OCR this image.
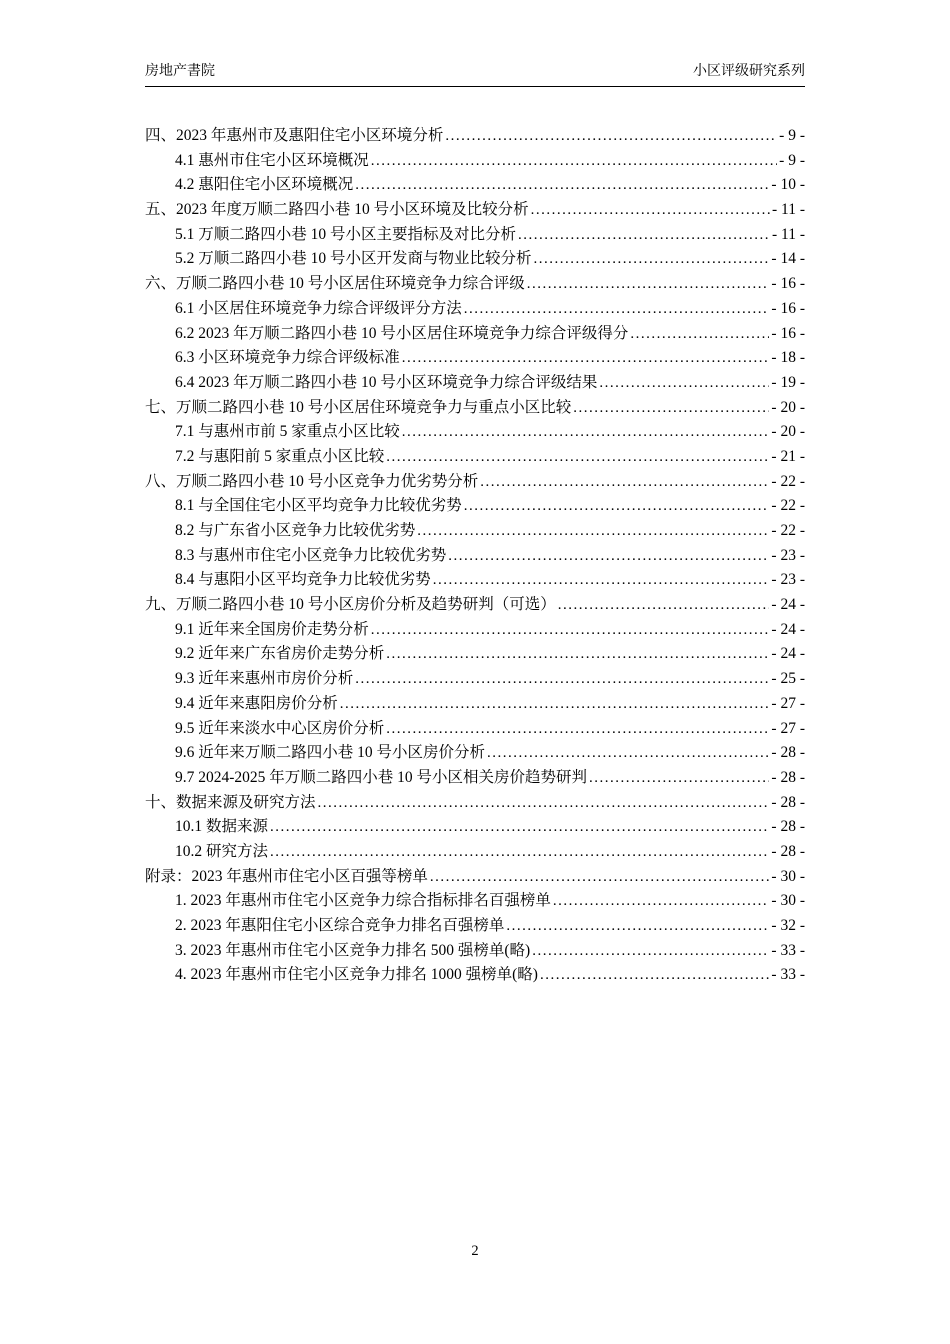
房地产書院	小区评级研究系列
四、2023 年惠州市及惠阳住宅小区环境分析 .....	- 9 -
4.1 惠州市住宅小区环境概况 .....	- 9 -
4.2 惠阳住宅小区环境概况 .....	- 10 -
五、2023 年度万顺二路四小巷 10 号小区环境及比较分析 .....	- 11 -
5.1 万顺二路四小巷 10 号小区主要指标及对比分析 .....	- 11 -
5.2 万顺二路四小巷 10 号小区开发商与物业比较分析 .....	- 14 -
六、万顺二路四小巷 10 号小区居住环境竞争力综合评级 .....	- 16 -
6.1 小区居住环境竞争力综合评级评分方法 .....	- 16 -
6.2 2023 年万顺二路四小巷 10 号小区居住环境竞争力综合评级得分 .....	- 16 -
6.3 小区环境竞争力综合评级标准 .....	- 18 -
6.4 2023 年万顺二路四小巷 10 号小区环境竞争力综合评级结果 .....	- 19 -
七、万顺二路四小巷 10 号小区居住环境竞争力与重点小区比较 .....	- 20 -
7.1 与惠州市前 5 家重点小区比较 .....	- 20 -
7.2 与惠阳前 5 家重点小区比较 .....	- 21 -
八、万顺二路四小巷 10 号小区竞争力优劣势分析 .....	- 22 -
8.1 与全国住宅小区平均竞争力比较优劣势 .....	- 22 -
8.2 与广东省小区竞争力比较优劣势 .....	- 22 -
8.3 与惠州市住宅小区竞争力比较优劣势 .....	- 23 -
8.4 与惠阳小区平均竞争力比较优劣势 .....	- 23 -
九、万顺二路四小巷 10 号小区房价分析及趋势研判（可选） .....	- 24 -
9.1 近年来全国房价走势分析 .....	- 24 -
9.2 近年来广东省房价走势分析 .....	- 24 -
9.3 近年来惠州市房价分析 .....	- 25 -
9.4 近年来惠阳房价分析 .....	- 27 -
9.5 近年来淡水中心区房价分析 .....	- 27 -
9.6 近年来万顺二路四小巷 10 号小区房价分析 .....	- 28 -
9.7 2024-2025 年万顺二路四小巷 10 号小区相关房价趋势研判 .....	- 28 -
十、数据来源及研究方法 .....	- 28 -
10.1 数据来源 .....	- 28 -
10.2 研究方法 .....	- 28 -
附录：2023 年惠州市住宅小区百强等榜单 .....	- 30 -
1. 2023 年惠州市住宅小区竞争力综合指标排名百强榜单 .....	- 30 -
2. 2023 年惠阳住宅小区综合竞争力排名百强榜单 .....	- 32 -
3. 2023 年惠州市住宅小区竞争力排名 500 强榜单(略) .....	- 33 -
4. 2023 年惠州市住宅小区竞争力排名 1000 强榜单(略) .....	- 33 -
2
